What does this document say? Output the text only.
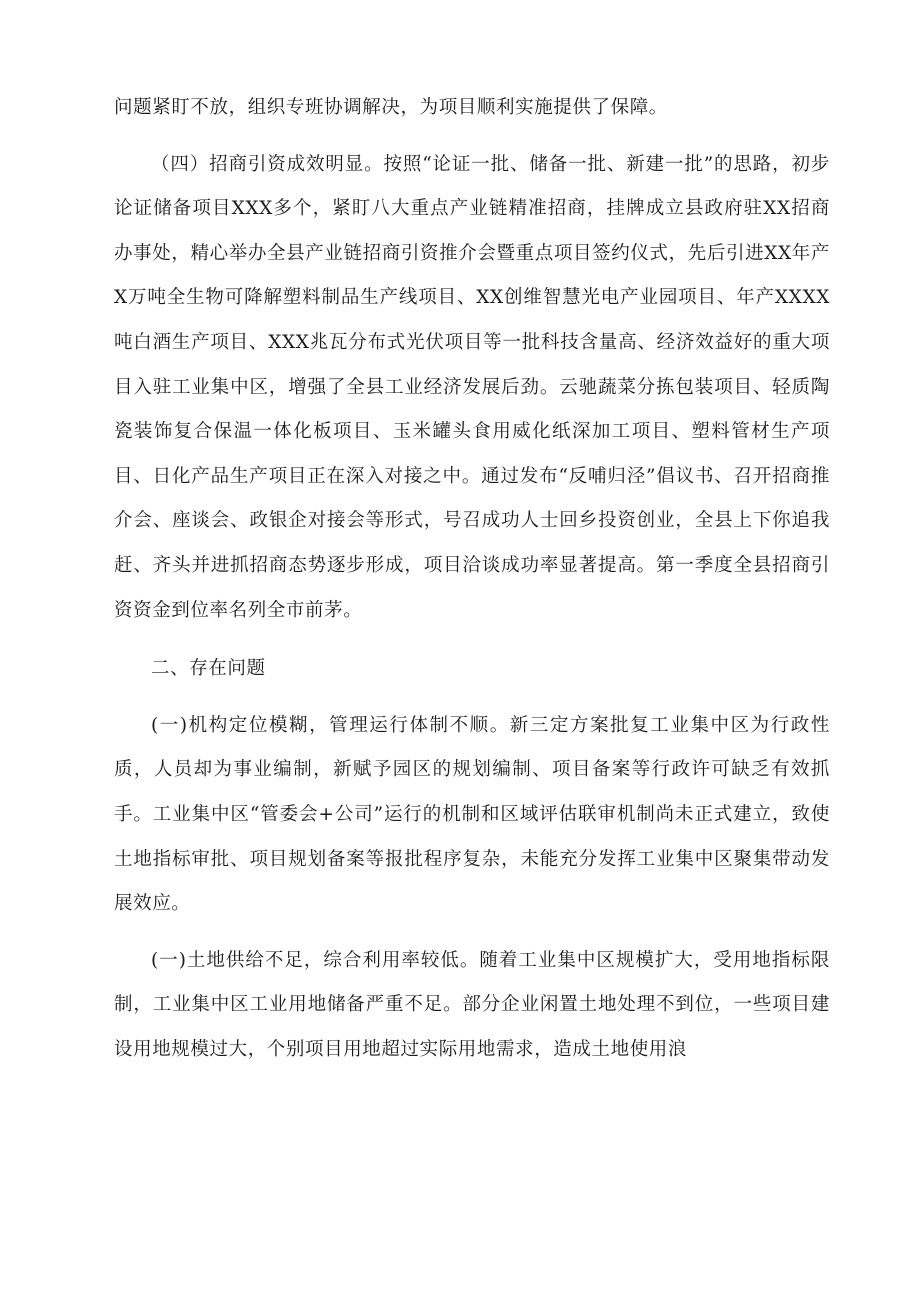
问题紧盯不放，组织专班协调解决，为项目顺利实施提供了保障。

（四）招商引资成效明显。按照“论证一批、储备一批、新建一批”的思路，初步论证储备项目XXX多个，紧盯八大重点产业链精准招商，挂牌成立县政府驻XX招商办事处，精心举办全县产业链招商引资推介会暨重点项目签约仪式，先后引进XX年产X万吨全生物可降解塑料制品生产线项目、XX创维智慧光电产业园项目、年产XXXX吨白酒生产项目、XXX兆瓦分布式光伏项目等一批科技含量高、经济效益好的重大项目入驻工业集中区，增强了全县工业经济发展后劲。云驰蔬菜分拣包装项目、轻质陶瓷装饰复合保温一体化板项目、玉米罐头食用威化纸深加工项目、塑料管材生产项目、日化产品生产项目正在深入对接之中。通过发布“反哺归泾”倡议书、召开招商推介会、座谈会、政银企对接会等形式，号召成功人士回乡投资创业，全县上下你追我赶、齐头并进抓招商态势逐步形成，项目洽谈成功率显著提高。第一季度全县招商引资资金到位率名列全市前茅。

二、存在问题

(一)机构定位模糊，管理运行体制不顺。新三定方案批复工业集中区为行政性质，人员却为事业编制，新赋予园区的规划编制、项目备案等行政许可缺乏有效抓手。工业集中区“管委会+公司”运行的机制和区域评估联审机制尚未正式建立，致使土地指标审批、项目规划备案等报批程序复杂，未能充分发挥工业集中区聚集带动发展效应。

(一)土地供给不足，综合利用率较低。随着工业集中区规模扩大，受用地指标限制，工业集中区工业用地储备严重不足。部分企业闲置土地处理不到位，一些项目建设用地规模过大，个别项目用地超过实际用地需求，造成土地使用浪
